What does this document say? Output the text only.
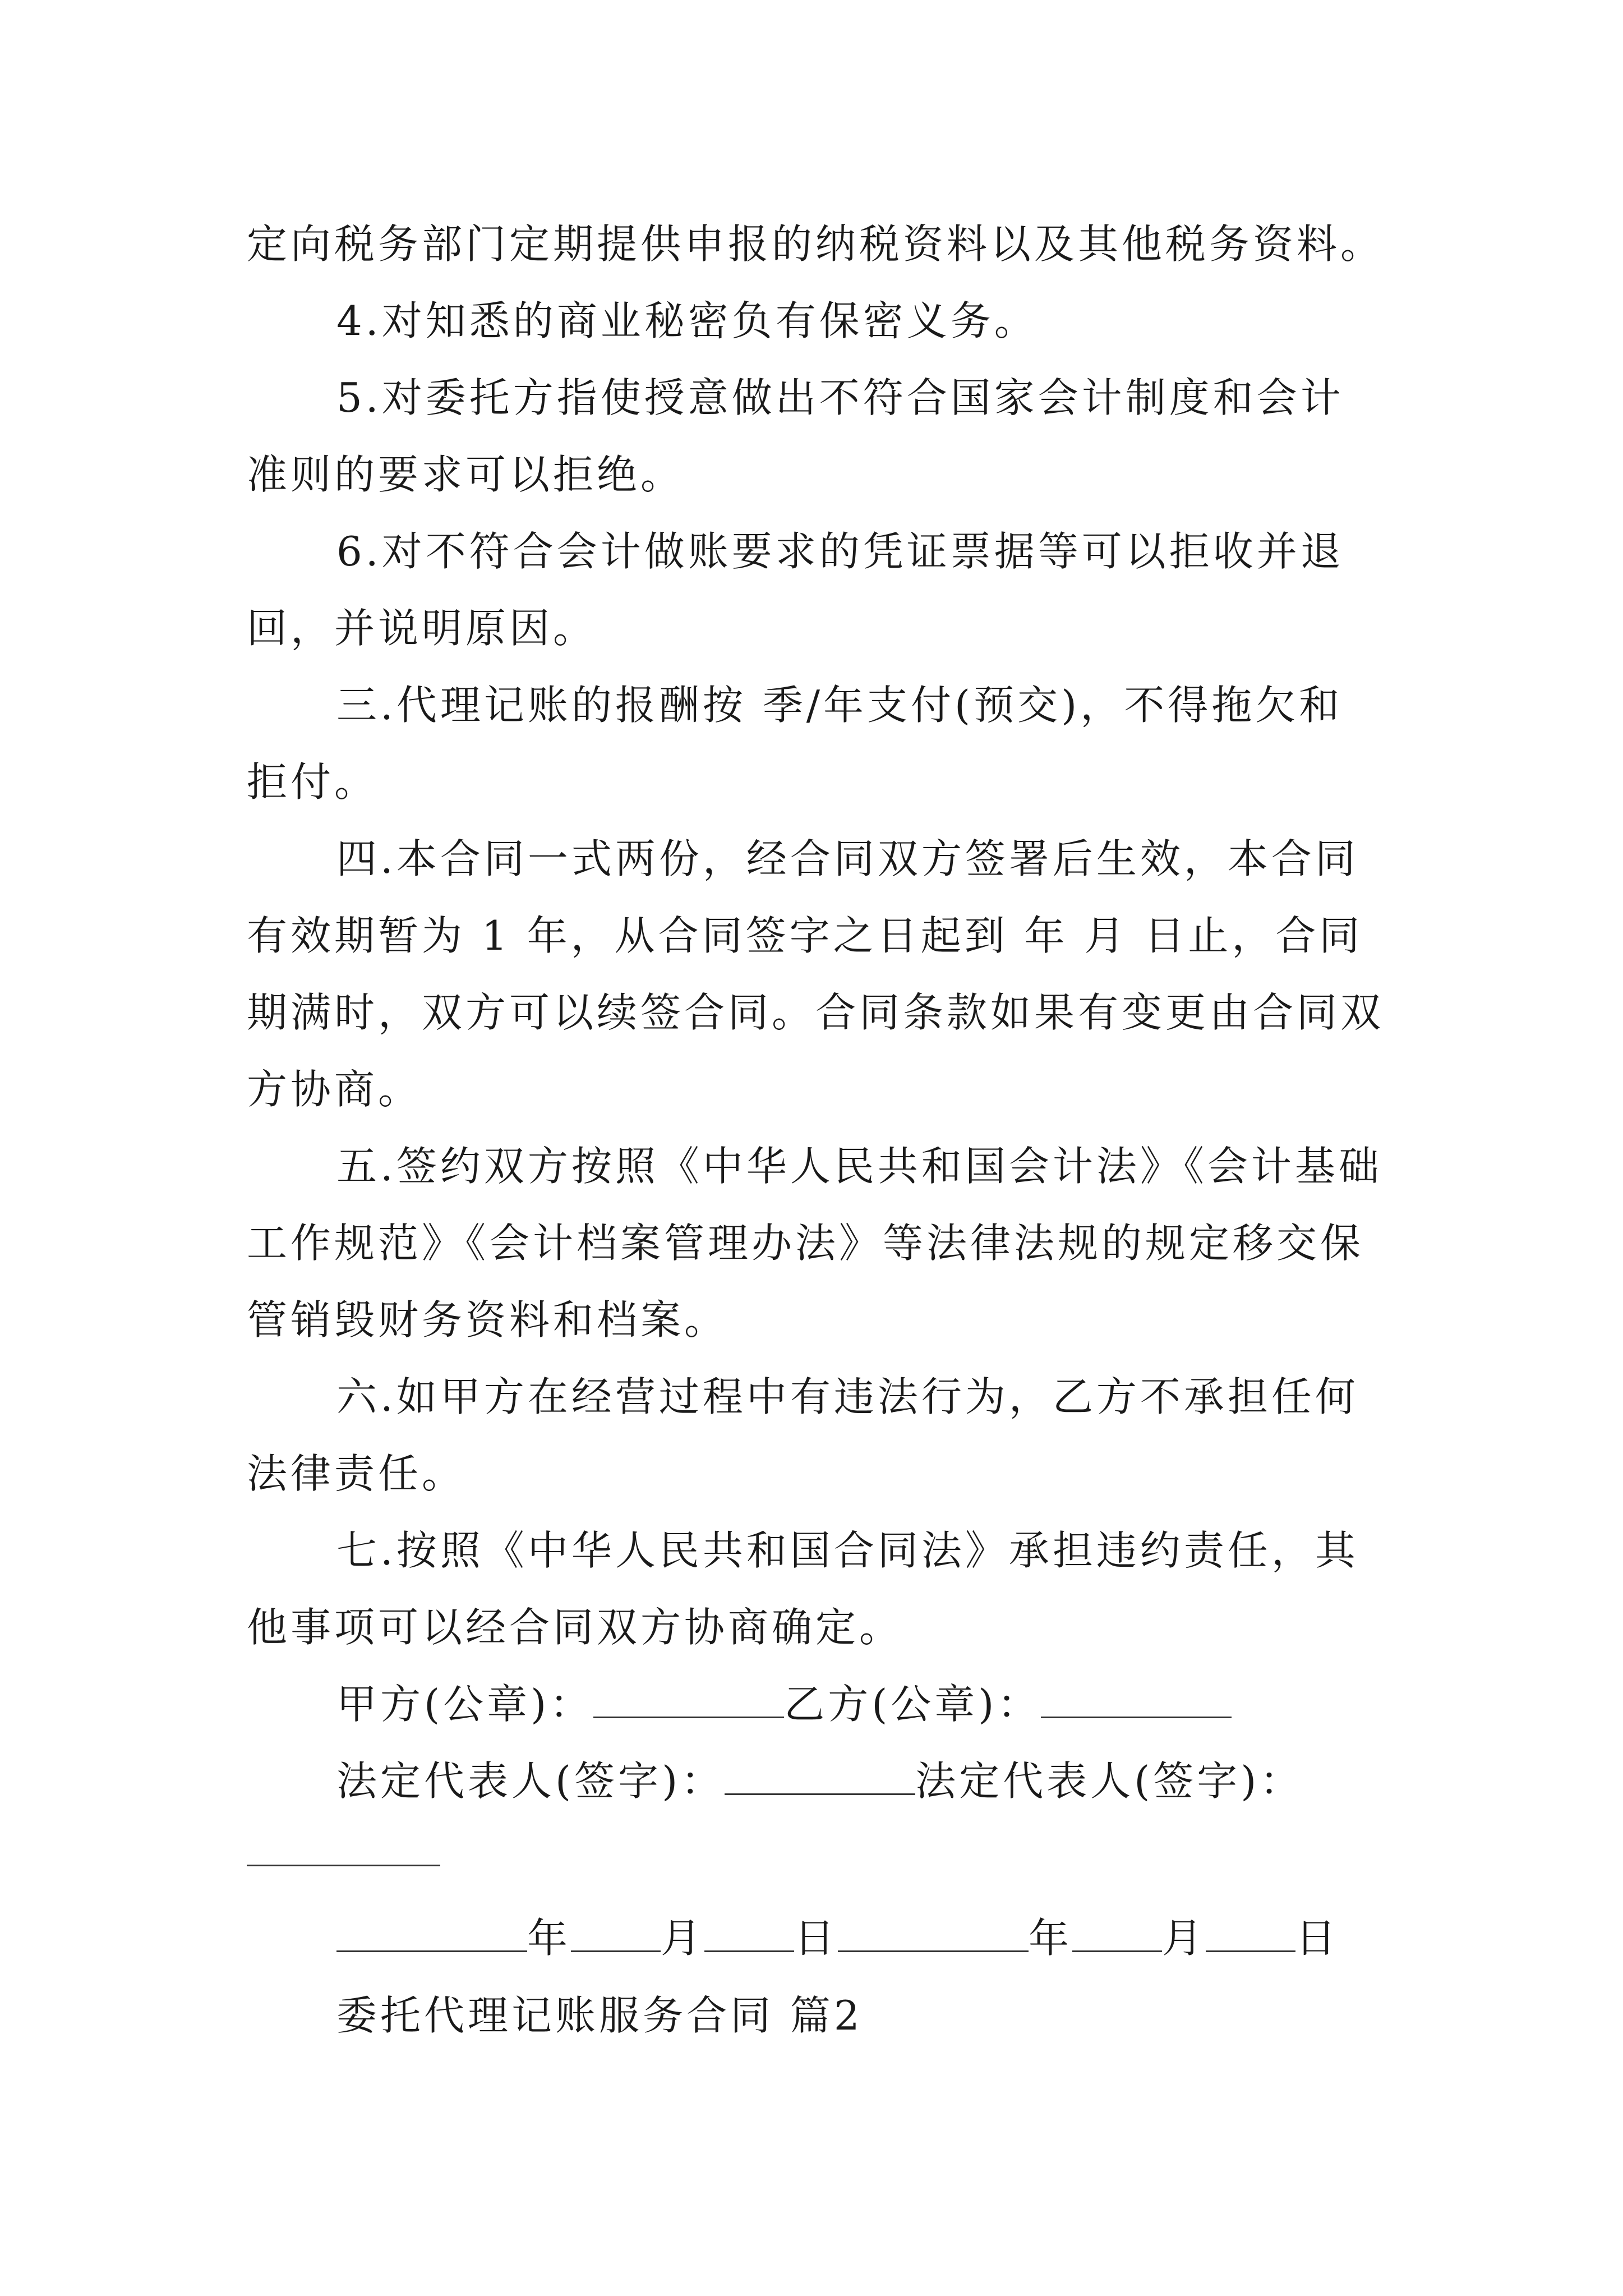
定向税务部门定期提供申报的纳税资料以及其他税务资料。
4.对知悉的商业秘密负有保密义务。
5.对委托方指使授意做出不符合国家会计制度和会计
准则的要求可以拒绝。
6.对不符合会计做账要求的凭证票据等可以拒收并退
回，并说明原因。
三.代理记账的报酬按 季/年支付(预交)，不得拖欠和
拒付。
四.本合同一式两份，经合同双方签署后生效，本合同
有效期暂为 1 年，从合同签字之日起到 年 月 日止，合同
期满时，双方可以续签合同。合同条款如果有变更由合同双
方协商。
五.签约双方按照《中华人民共和国会计法》《会计基础
工作规范》《会计档案管理办法》等法律法规的规定移交保
管销毁财务资料和档案。
六.如甲方在经营过程中有违法行为，乙方不承担任何
法律责任。
七.按照《中华人民共和国合同法》承担违约责任，其
他事项可以经合同双方协商确定。
甲方(公章)：	乙方(公章)：
法定代表人(签字)：	法定代表人(签字)：
年 月 日	年 月 日
委托代理记账服务合同 篇2
